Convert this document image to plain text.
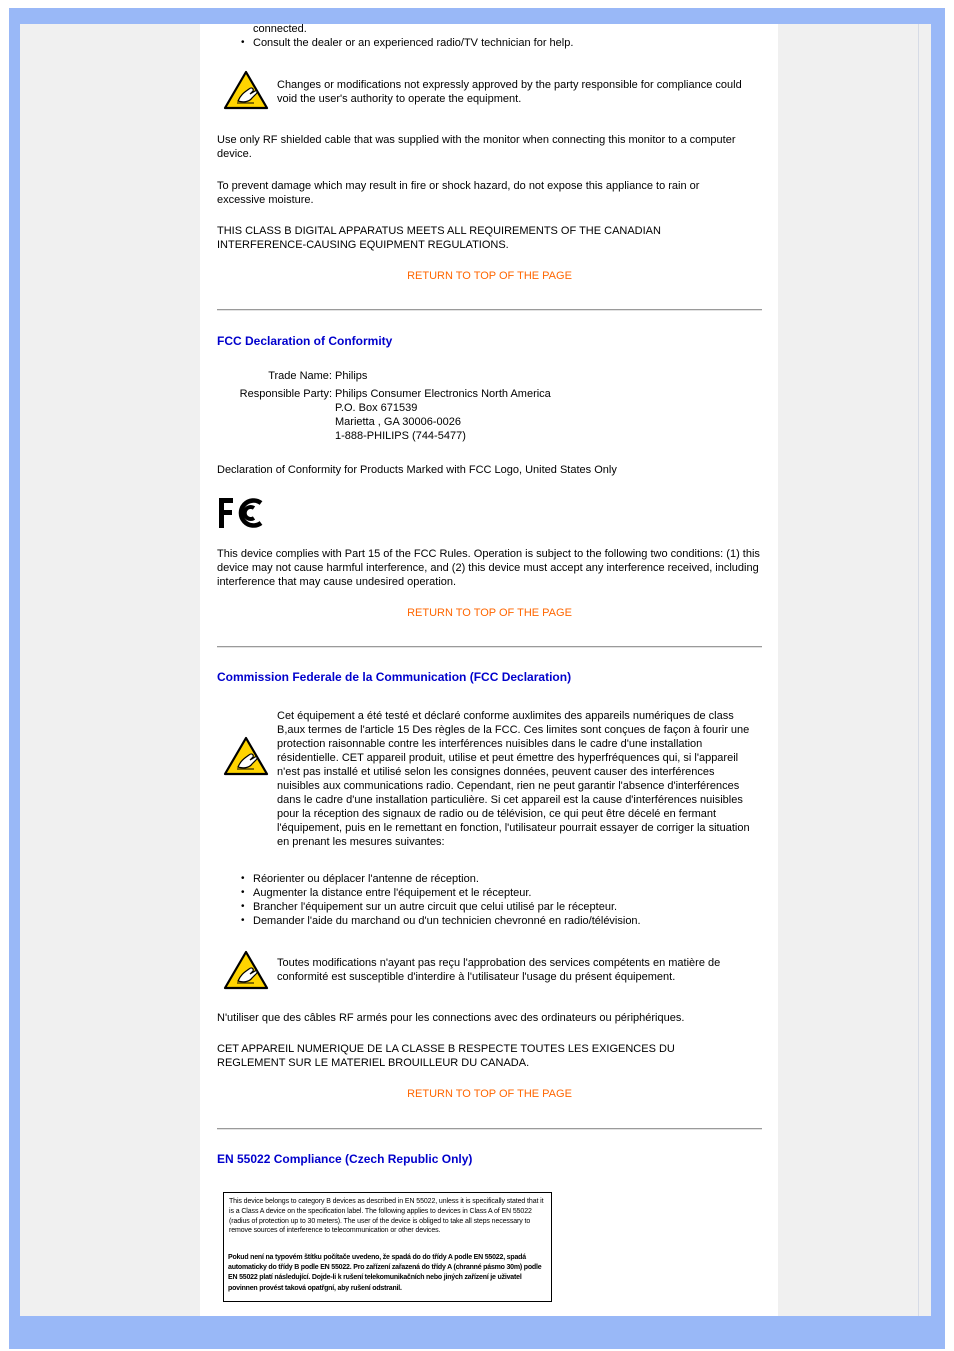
connected.
• Consult the dealer or an experienced radio/TV technician for help.
Changes or modifications not expressly approved by the party responsible for compliance could void the user's authority to operate the equipment.
Use only RF shielded cable that was supplied with the monitor when connecting this monitor to a computer device.
To prevent damage which may result in fire or shock hazard, do not expose this appliance to rain or excessive moisture.
THIS CLASS B DIGITAL APPARATUS MEETS ALL REQUIREMENTS OF THE CANADIAN INTERFERENCE-CAUSING EQUIPMENT REGULATIONS.
RETURN TO TOP OF THE PAGE
FCC Declaration of Conformity
Trade Name: Philips
Responsible Party: Philips Consumer Electronics North America
P.O. Box 671539
Marietta , GA 30006-0026
1-888-PHILIPS (744-5477)
Declaration of Conformity for Products Marked with FCC Logo, United States Only
This device complies with Part 15 of the FCC Rules. Operation is subject to the following two conditions: (1) this device may not cause harmful interference, and (2) this device must accept any interference received, including interference that may cause undesired operation.
RETURN TO TOP OF THE PAGE
Commission Federale de la Communication (FCC Declaration)
Cet équipement a été testé et déclaré conforme auxlimites des appareils numériques de class B,aux termes de l'article 15 Des règles de la FCC. Ces limites sont conçues de façon à fourir une protection raisonnable contre les interférences nuisibles dans le cadre d'une installation résidentielle. CET appareil produit, utilise et peut émettre des hyperfréquences qui, si l'appareil n'est pas installé et utilisé selon les consignes données, peuvent causer des interférences nuisibles aux communications radio. Cependant, rien ne peut garantir l'absence d'interférences dans le cadre d'une installation particulière. Si cet appareil est la cause d'interférences nuisibles pour la réception des signaux de radio ou de télévision, ce qui peut être décelé en fermant l'équipement, puis en le remettant en fonction, l'utilisateur pourrait essayer de corriger la situation en prenant les mesures suivantes:
• Réorienter ou déplacer l'antenne de réception.
• Augmenter la distance entre l'équipement et le récepteur.
• Brancher l'équipement sur un autre circuit que celui utilisé par le récepteur.
• Demander l'aide du marchand ou d'un technicien chevronné en radio/télévision.
Toutes modifications n'ayant pas reçu l'approbation des services compétents en matière de conformité est susceptible d'interdire à l'utilisateur l'usage du présent équipement.
N'utiliser que des câbles RF armés pour les connections avec des ordinateurs ou périphériques.
CET APPAREIL NUMERIQUE DE LA CLASSE B RESPECTE TOUTES LES EXIGENCES DU REGLEMENT SUR LE MATERIEL BROUILLEUR DU CANADA.
RETURN TO TOP OF THE PAGE
EN 55022 Compliance (Czech Republic Only)
This device belongs to category B devices as described in EN 55022, unless it is specifically stated that it is a Class A device on the specification label. The following applies to devices in Class A of EN 55022 (radius of protection up to 30 meters). The user of the device is obliged to take all steps necessary to remove sources of interference to telecommunication or other devices.
Pokud není na typovém štítku počítače uvedeno, že spadá do do třídy A podle EN 55022, spadá automaticky do třídy B podle EN 55022. Pro zařízení zařazená do třídy A (chranné pásmo 30m) podle EN 55022 platí následující. Dojde-li k rušení telekomunikačních nebo jiných zařízení je uživatel povinnen provést taková opatřgní, aby rušení odstranil.
